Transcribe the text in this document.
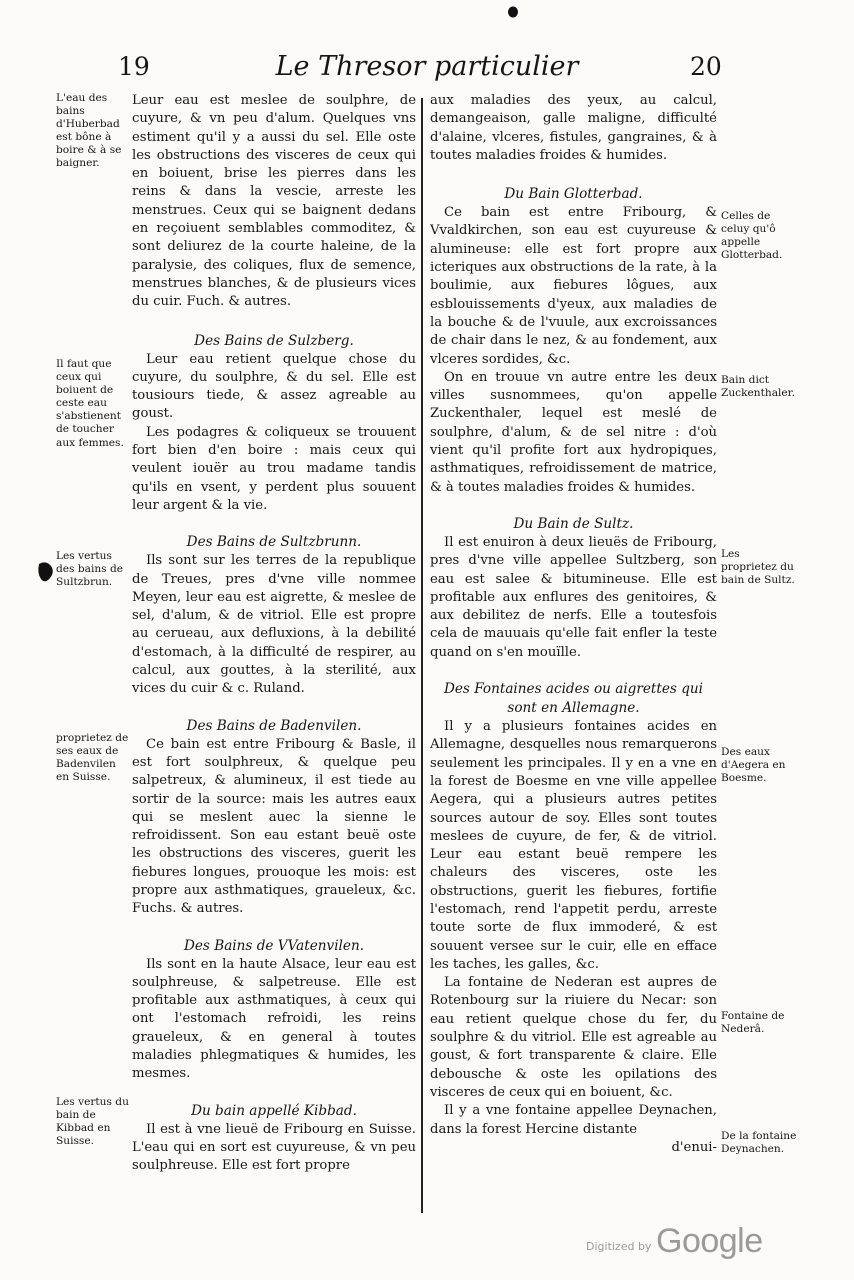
19	Le Thresor particulier	20
L'eau des bains d'Huberbad est bône à boire & à se baigner.
Il faut que ceux qui boiuent de ceste eau s'abstienent de toucher aux femmes.
Les vertus des bains de Sultzbrun.
proprietez de ses eaux de Badenvilen en Suisse.
Les vertus du bain de Kibbad en Suisse.

Leur eau est meslee de soulphre, de cuyure, & vn peu d'alum. Quelques vns estiment qu'il y a aussi du sel. Elle oste les obstructions des visceres de ceux qui en boiuent, brise les pierres dans les reins & dans la vescie, arreste les menstrues. Ceux qui se baignent dedans en reçoiuent semblables commoditez, & sont deliurez de la courte haleine, de la paralysie, des coliques, flux de semence, menstrues blanches, & de plusieurs vices du cuir. Fuch. & autres.

Des Bains de Sulzberg.

Leur eau retient quelque chose du cuyure, du soulphre, & du sel. Elle est tousiours tiede, & assez agreable au goust.

Les podagres & coliqueux se trouuent fort bien d'en boire : mais ceux qui veulent iouër au trou madame tandis qu'ils en vsent, y perdent plus souuent leur argent & la vie.

Des Bains de Sultzbrunn.

Ils sont sur les terres de la republique de Treues, pres d'vne ville nommee Meyen, leur eau est aigrette, & meslee de sel, d'alum, & de vitriol. Elle est propre au cerueau, aux defluxions, à la debilité d'estomach, à la difficulté de respirer, au calcul, aux gouttes, à la sterilité, aux vices du cuir & c. Ruland.

Des Bains de Badenvilen.

Ce bain est entre Fribourg & Basle, il est fort soulphreux, & quelque peu salpetreux, & alumineux, il est tiede au sortir de la source: mais les autres eaux qui se meslent auec la sienne le refroidissent. Son eau estant beuë oste les obstructions des visceres, guerit les fiebures longues, prouoque les mois: est propre aux asthmatiques, graueleux, &c. Fuchs. & autres.

Des Bains de VVatenvilen.

Ils sont en la haute Alsace, leur eau est soulphreuse, & salpetreuse. Elle est profitable aux asthmatiques, à ceux qui ont l'estomach refroidi, les reins graueleux, & en general à toutes maladies phlegmatiques & humides, les mesmes.

Du bain appellé Kibbad.

Il est à vne lieuë de Fribourg en Suisse. L'eau qui en sort est cuyureuse, & vn peu soulphreuse. Elle est fort propre

aux maladies des yeux, au calcul, demangeaison, galle maligne, difficulté d'alaine, vlceres, fistules, gangraines, & à toutes maladies froides & humides.

Du Bain Glotterbad.

Ce bain est entre Fribourg, & Vvaldkirchen, son eau est cuyureuse & alumineuse: elle est fort propre aux icteriques aux obstructions de la rate, à la boulimie, aux fiebures lôgues, aux esblouissements d'yeux, aux maladies de la bouche & de l'vuule, aux excroissances de chair dans le nez, & au fondement, aux vlceres sordides, &c.

On en trouue vn autre entre les deux villes susnommees, qu'on appelle Zuckenthaler, lequel est meslé de soulphre, d'alum, & de sel nitre : d'où vient qu'il profite fort aux hydropiques, asthmatiques, refroidissement de matrice, & à toutes maladies froides & humides.

Du Bain de Sultz.

Il est enuiron à deux lieuës de Fribourg, pres d'vne ville appellee Sultzberg, son eau est salee & bitumineuse. Elle est profitable aux enflures des genitoires, & aux debilitez de nerfs. Elle a toutesfois cela de mauuais qu'elle fait enfler la teste quand on s'en mouïlle.

Des Fontaines acides ou aigrettes qui sont en Allemagne.

Il y a plusieurs fontaines acides en Allemagne, desquelles nous remarquerons seulement les principales. Il y en a vne en la forest de Boesme en vne ville appellee Aegera, qui a plusieurs autres petites sources autour de soy. Elles sont toutes meslees de cuyure, de fer, & de vitriol. Leur eau estant beuë rempere les chaleurs des visceres, oste les obstructions, guerit les fiebures, fortifie l'estomach, rend l'appetit perdu, arreste toute sorte de flux immoderé, & est souuent versee sur le cuir, elle en efface les taches, les galles, &c.

La fontaine de Nederan est aupres de Rotenbourg sur la riuiere du Necar: son eau retient quelque chose du fer, du soulphre & du vitriol. Elle est agreable au goust, & fort transparente & claire. Elle debousche & oste les opilations des visceres de ceux qui en boiuent, &c.

Il y a vne fontaine appellee Deynachen, dans la forest Hercine distante

d'enui-
Celles de celuy qu'ô appelle Glotterbad.
Bain dict Zuckenthaler.
Les proprietez du bain de Sultz.
Des eaux d'Aegera en Boesme.
Fontaine de Nederâ.
De la fontaine Deynachen.
Digitized by Google
